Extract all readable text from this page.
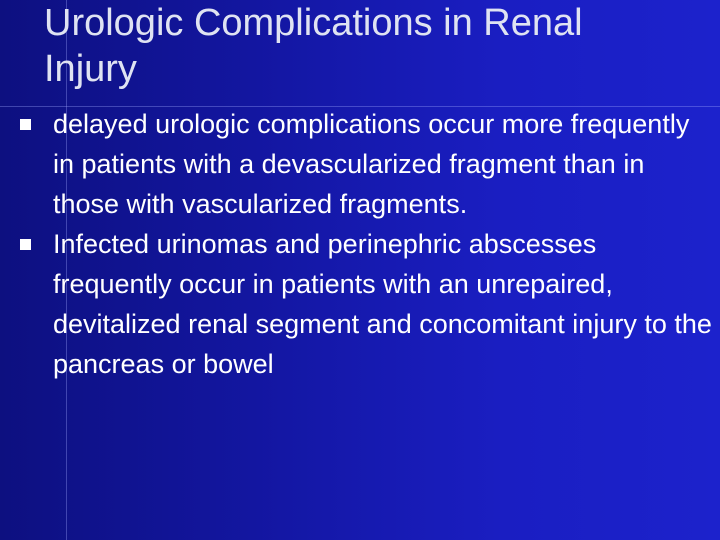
Urologic Complications in Renal Injury
delayed urologic complications occur more frequently in patients with a devascularized fragment than in those with vascularized fragments.
Infected urinomas and perinephric abscesses frequently occur in patients with an unrepaired, devitalized renal segment and concomitant injury to the pancreas or bowel
